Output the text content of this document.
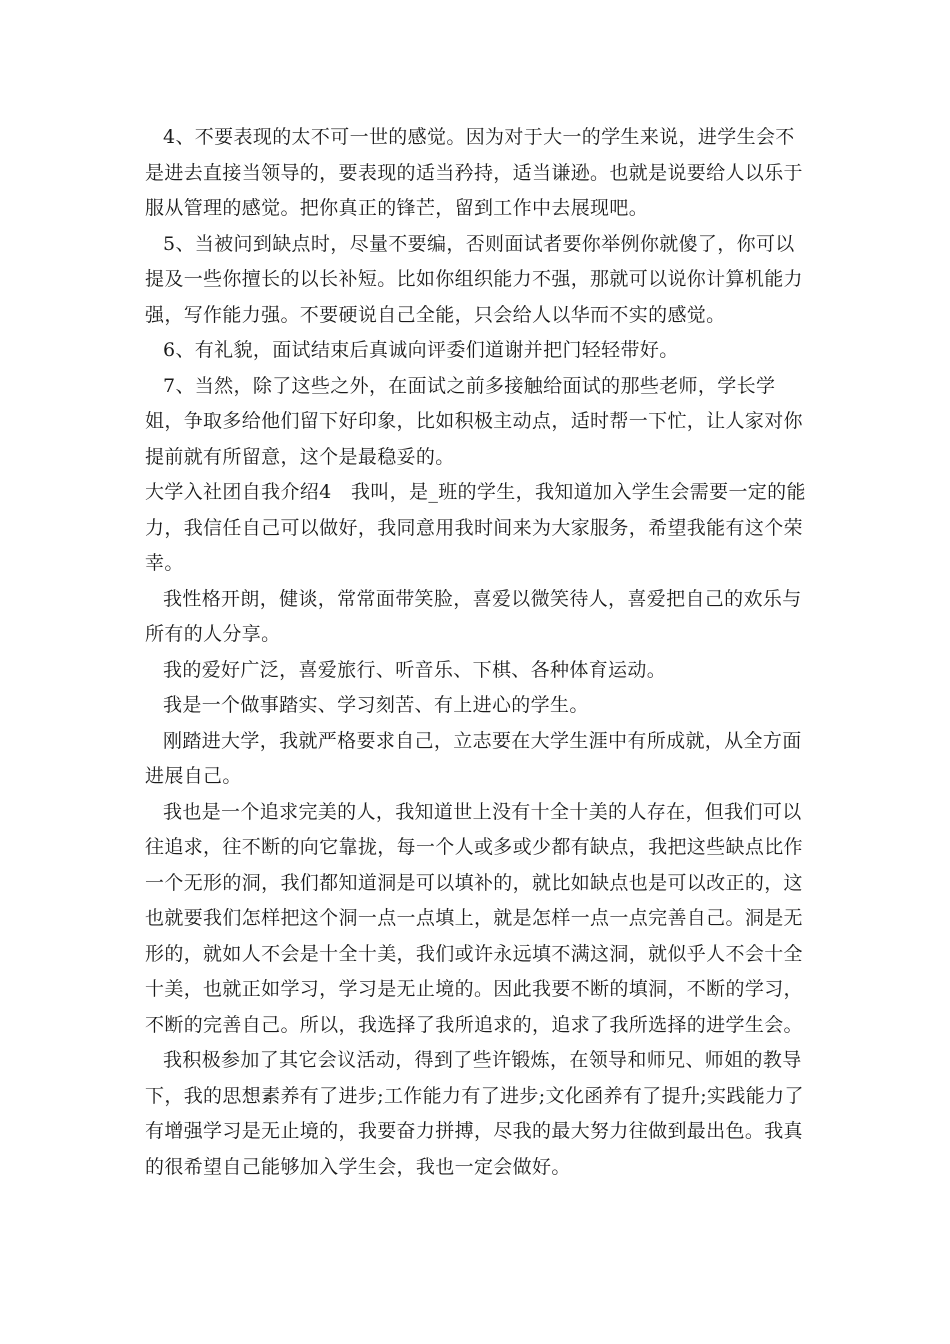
4、不要表现的太不可一世的感觉。因为对于大一的学生来说，进学生会不是进去直接当领导的，要表现的适当矜持，适当谦逊。也就是说要给人以乐于服从管理的感觉。把你真正的锋芒，留到工作中去展现吧。

5、当被问到缺点时，尽量不要编，否则面试者要你举例你就傻了，你可以提及一些你擅长的以长补短。比如你组织能力不强，那就可以说你计算机能力强，写作能力强。不要硬说自己全能，只会给人以华而不实的感觉。

6、有礼貌，面试结束后真诚向评委们道谢并把门轻轻带好。

7、当然，除了这些之外，在面试之前多接触给面试的那些老师，学长学姐，争取多给他们留下好印象，比如积极主动点，适时帮一下忙，让人家对你提前就有所留意，这个是最稳妥的。

大学入社团自我介绍4　我叫，是_班的学生，我知道加入学生会需要一定的能力，我信任自己可以做好，我同意用我时间来为大家服务，希望我能有这个荣幸。

我性格开朗，健谈，常常面带笑脸，喜爱以微笑待人，喜爱把自己的欢乐与所有的人分享。

我的爱好广泛，喜爱旅行、听音乐、下棋、各种体育运动。

我是一个做事踏实、学习刻苦、有上进心的学生。

刚踏进大学，我就严格要求自己，立志要在大学生涯中有所成就，从全方面进展自己。

我也是一个追求完美的人，我知道世上没有十全十美的人存在，但我们可以往追求，往不断的向它靠拢，每一个人或多或少都有缺点，我把这些缺点比作一个无形的洞，我们都知道洞是可以填补的，就比如缺点也是可以改正的，这也就要我们怎样把这个洞一点一点填上，就是怎样一点一点完善自己。洞是无形的，就如人不会是十全十美，我们或许永远填不满这洞，就似乎人不会十全十美，也就正如学习，学习是无止境的。因此我要不断的填洞，不断的学习，不断的完善自己。所以，我选择了我所追求的，追求了我所选择的进学生会。

我积极参加了其它会议活动，得到了些许锻炼，在领导和师兄、师姐的教导下，我的思想素养有了进步;工作能力有了进步;文化函养有了提升;实践能力了有增强学习是无止境的，我要奋力拼搏，尽我的最大努力往做到最出色。我真的很希望自己能够加入学生会，我也一定会做好。
